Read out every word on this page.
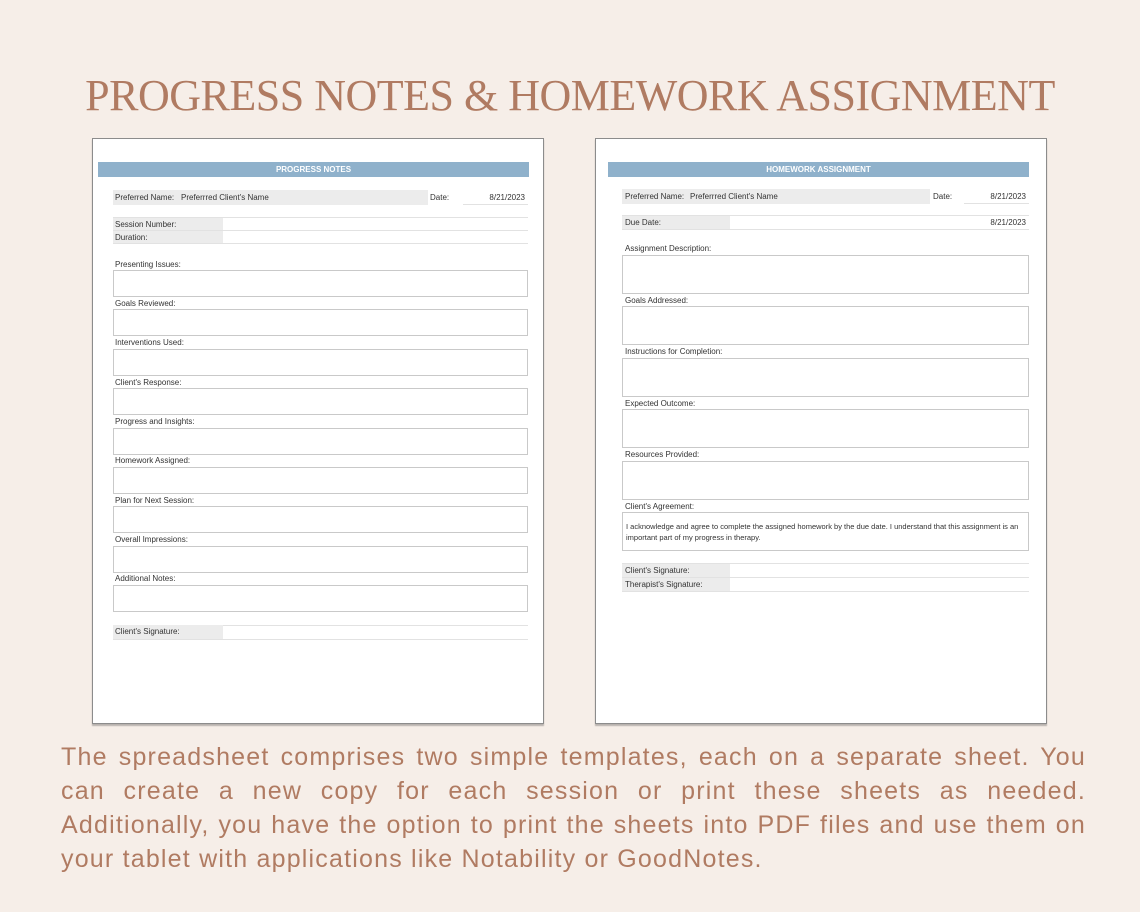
PROGRESS NOTES & HOMEWORK ASSIGNMENT
PROGRESS NOTES
Preferred Name: Preferrred Client's Name	Date:	8/21/2023
Session Number:
Duration:
Presenting Issues:
Goals Reviewed:
Interventions Used:
Client's Response:
Progress and Insights:
Homework Assigned:
Plan for Next Session:
Overall Impressions:
Additional Notes:
Client's Signature:
HOMEWORK ASSIGNMENT
Preferred Name: Preferrred Client's Name	Date:	8/21/2023
Due Date:	8/21/2023
Assignment Description:
Goals Addressed:
Instructions for Completion:
Expected Outcome:
Resources Provided:
Client's Agreement:
I acknowledge and agree to complete the assigned homework by the due date. I understand that this assignment is an important part of my progress in therapy.
Client's Signature:
Therapist's Signature:
The spreadsheet comprises two simple templates, each on a separate sheet. You can create a new copy for each session or print these sheets as needed. Additionally, you have the option to print the sheets into PDF files and use them on your tablet with applications like Notability or GoodNotes.
